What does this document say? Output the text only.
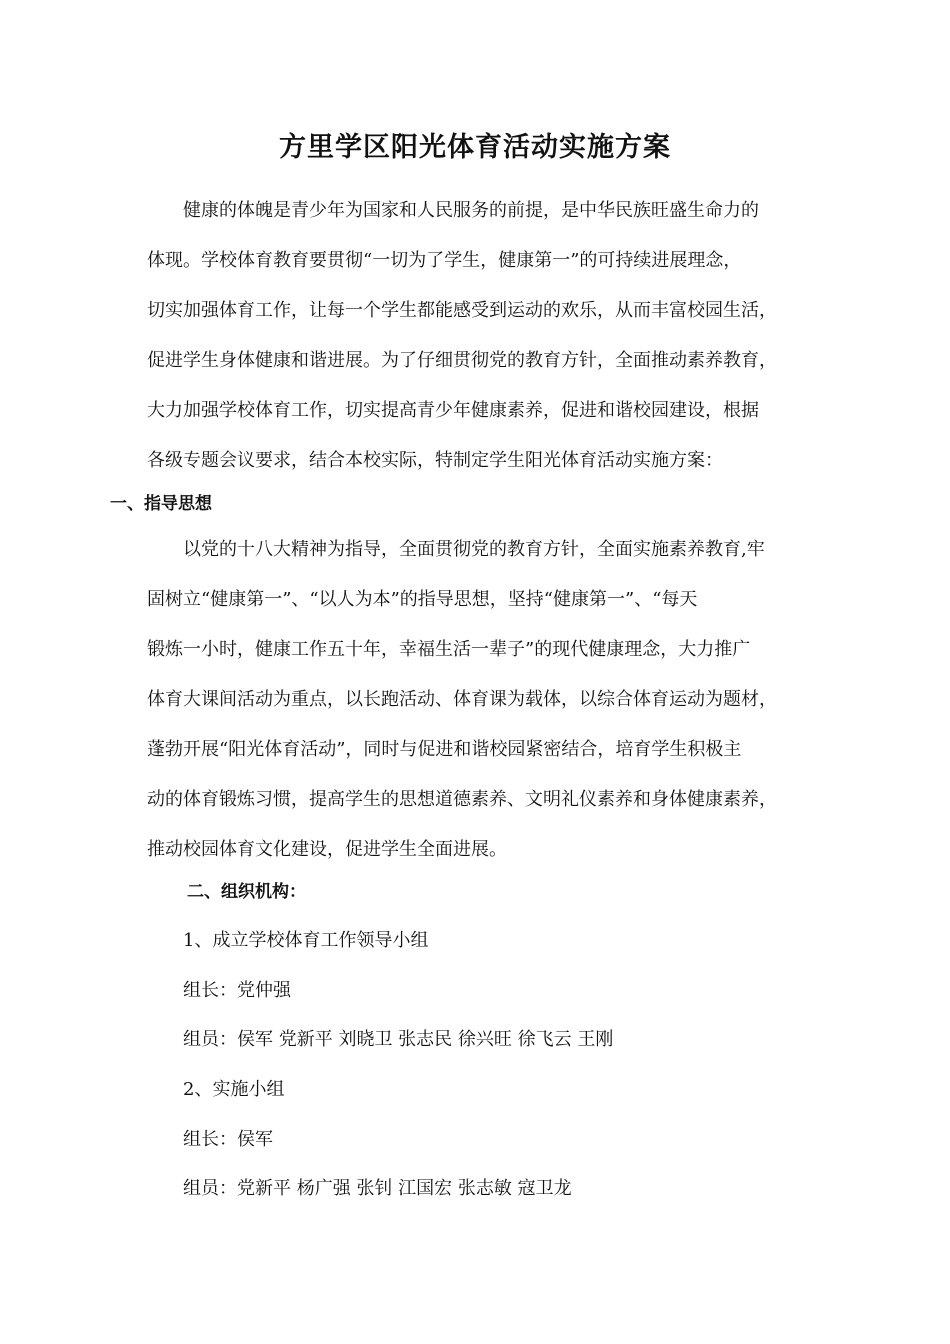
方里学区阳光体育活动实施方案
健康的体魄是青少年为国家和人民服务的前提，是中华民族旺盛生命力的
体现。学校体育教育要贯彻“一切为了学生，健康第一”的可持续进展理念，
切实加强体育工作，让每一个学生都能感受到运动的欢乐，从而丰富校园生活，
促进学生身体健康和谐进展。为了仔细贯彻党的教育方针，全面推动素养教育，
大力加强学校体育工作，切实提高青少年健康素养，促进和谐校园建设，根据
各级专题会议要求，结合本校实际，特制定学生阳光体育活动实施方案：
一、指导思想
以党的十八大精神为指导，全面贯彻党的教育方针，全面实施素养教育,牢
固树立“健康第一”、“以人为本”的指导思想，坚持“健康第一”、“每天
锻炼一小时，健康工作五十年，幸福生活一辈子”的现代健康理念，大力推广
体育大课间活动为重点，以长跑活动、体育课为载体，以综合体育运动为题材，
蓬勃开展“阳光体育活动”，同时与促进和谐校园紧密结合，培育学生积极主
动的体育锻炼习惯，提高学生的思想道德素养、文明礼仪素养和身体健康素养，
推动校园体育文化建设，促进学生全面进展。
二、组织机构：

1、成立学校体育工作领导小组

组长：党仲强

组员：侯军 党新平 刘晓卫 张志民 徐兴旺 徐飞云 王刚

2、实施小组

组长：侯军

组员：党新平 杨广强 张钊 江国宏 张志敏 寇卫龙
